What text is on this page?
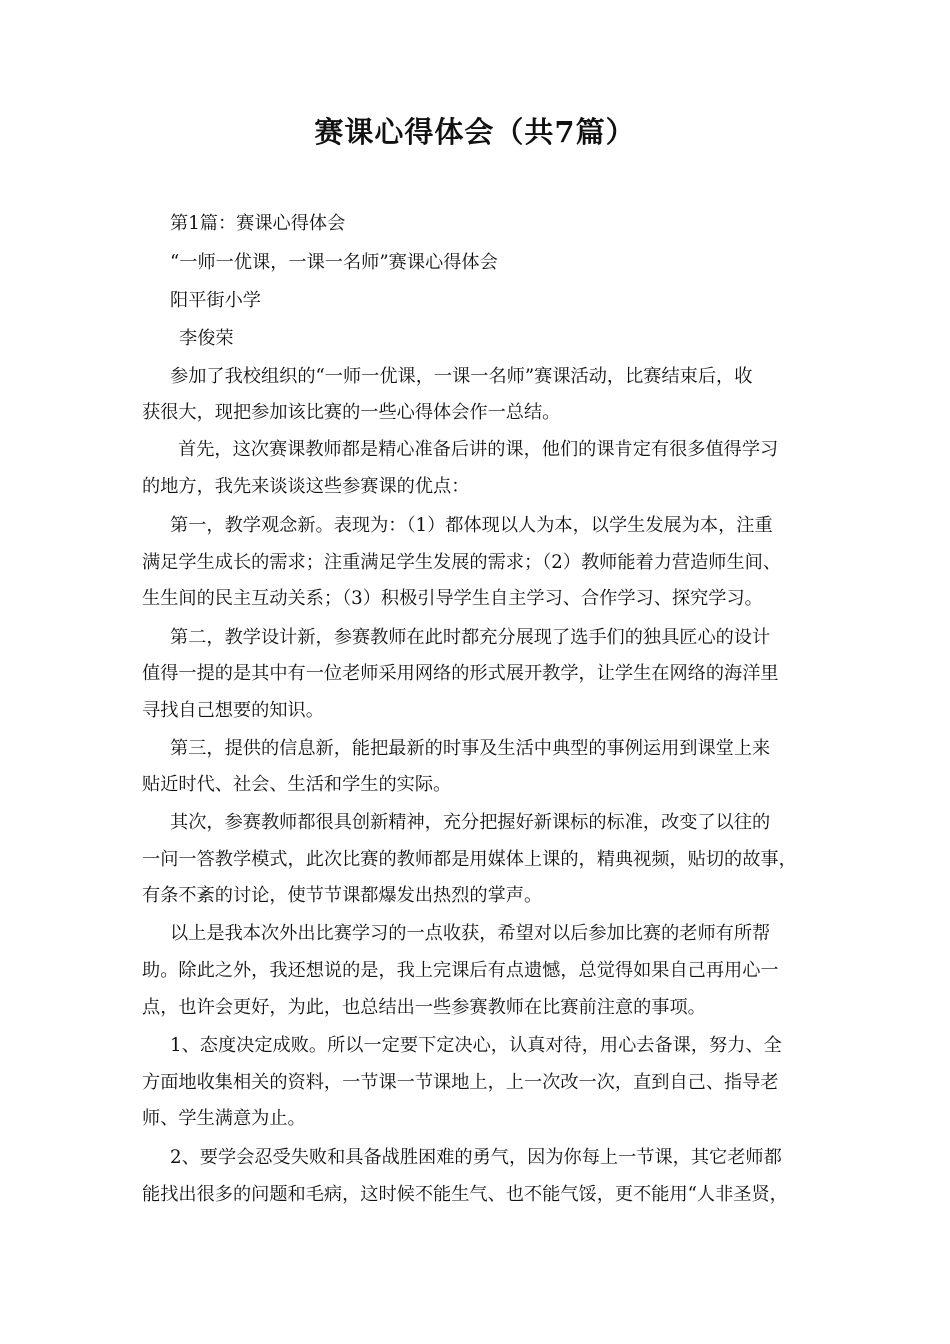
赛课心得体会（共7篇）
第1篇：赛课心得体会
“一师一优课，一课一名师”赛课心得体会
阳平街小学
李俊荣
参加了我校组织的“一师一优课，一课一名师”赛课活动，比赛结束后，收
获很大，现把参加该比赛的一些心得体会作一总结。
首先，这次赛课教师都是精心准备后讲的课，他们的课肯定有很多值得学习
的地方，我先来谈谈这些参赛课的优点：
第一，教学观念新。表现为：（1）都体现以人为本，以学生发展为本，注重
满足学生成长的需求；注重满足学生发展的需求；（2）教师能着力营造师生间、
生生间的民主互动关系；（3）积极引导学生自主学习、合作学习、探究学习。
第二，教学设计新，参赛教师在此时都充分展现了选手们的独具匠心的设计
值得一提的是其中有一位老师采用网络的形式展开教学，让学生在网络的海洋里
寻找自己想要的知识。
第三，提供的信息新，能把最新的时事及生活中典型的事例运用到课堂上来
贴近时代、社会、生活和学生的实际。
其次，参赛教师都很具创新精神，充分把握好新课标的标准，改变了以往的
一问一答教学模式，此次比赛的教师都是用媒体上课的，精典视频，贴切的故事，
有条不紊的讨论，使节节课都爆发出热烈的掌声。
以上是我本次外出比赛学习的一点收获，希望对以后参加比赛的老师有所帮
助。除此之外，我还想说的是，我上完课后有点遗憾，总觉得如果自己再用心一
点，也许会更好，为此，也总结出一些参赛教师在比赛前注意的事项。
1、态度决定成败。所以一定要下定决心，认真对待，用心去备课，努力、全
方面地收集相关的资料，一节课一节课地上，上一次改一次，直到自己、指导老
师、学生满意为止。
2、要学会忍受失败和具备战胜困难的勇气，因为你每上一节课，其它老师都
能找出很多的问题和毛病，这时候不能生气、也不能气馁，更不能用“人非圣贤，
